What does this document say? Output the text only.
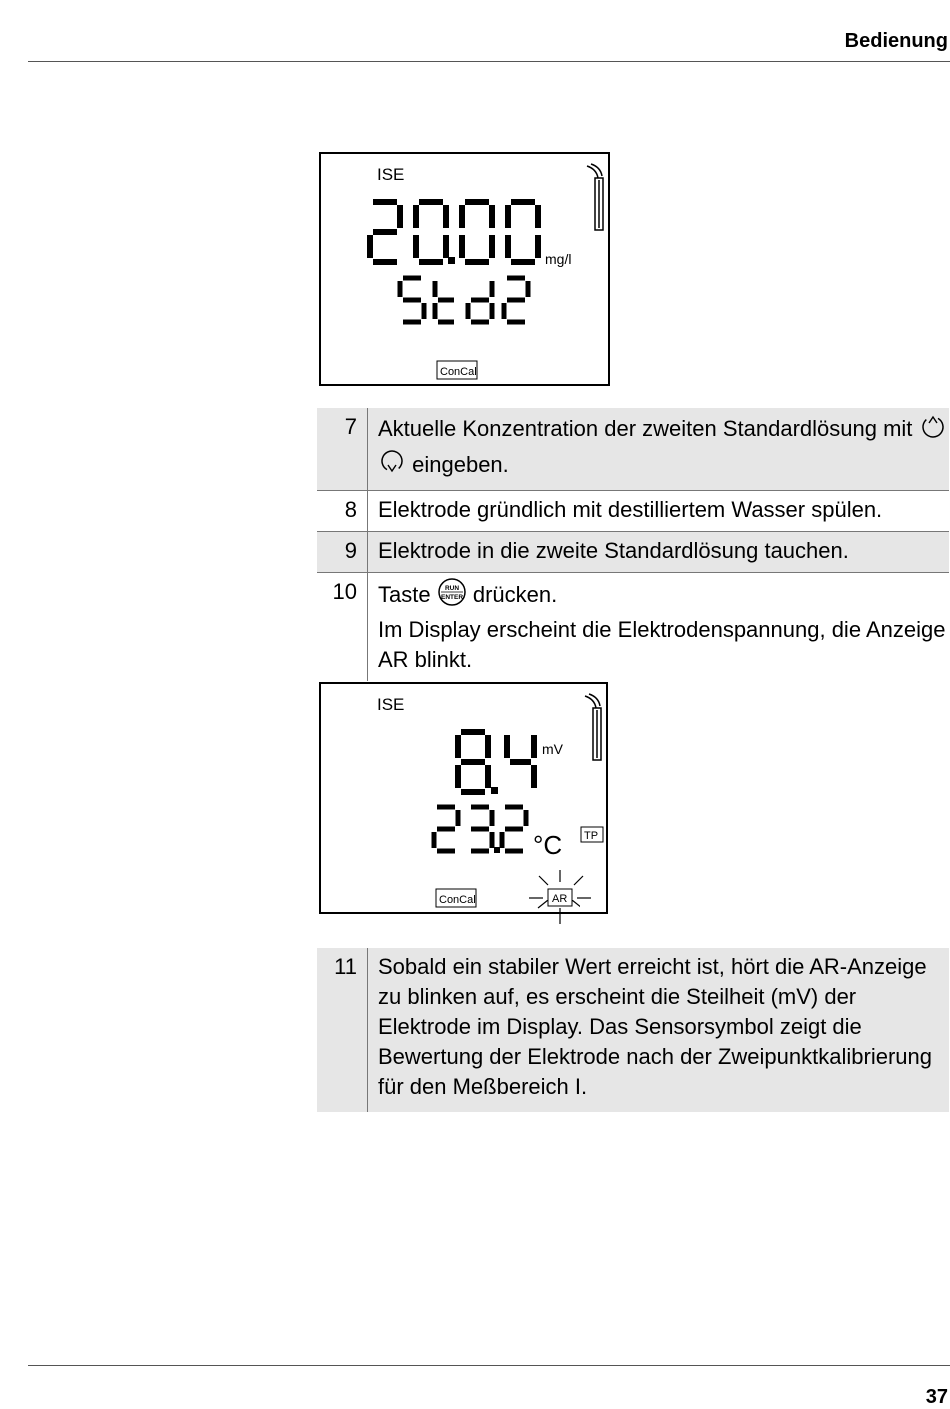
Bedienung
ISE
mg/l
ConCal
7	Aktuelle Konzentration der zweiten Standardlösung mit   eingeben.
8	Elektrode gründlich mit destilliertem Wasser spülen.
9	Elektrode in die zweite Standardlösung tauchen.
10	Taste RUN
ENTER drücken.
Im Display erscheint die Elektrodenspannung, die Anzeige AR blinkt.
ISE
mV
°C TP
ConCal	AR
11	Sobald ein stabiler Wert erreicht ist, hört die AR-Anzeige zu blinken auf, es erscheint die Steilheit (mV) der Elektrode im Display. Das Sensorsymbol zeigt die Bewertung der Elektrode nach der Zweipunktkalibrierung für den Meßbereich I.
37
